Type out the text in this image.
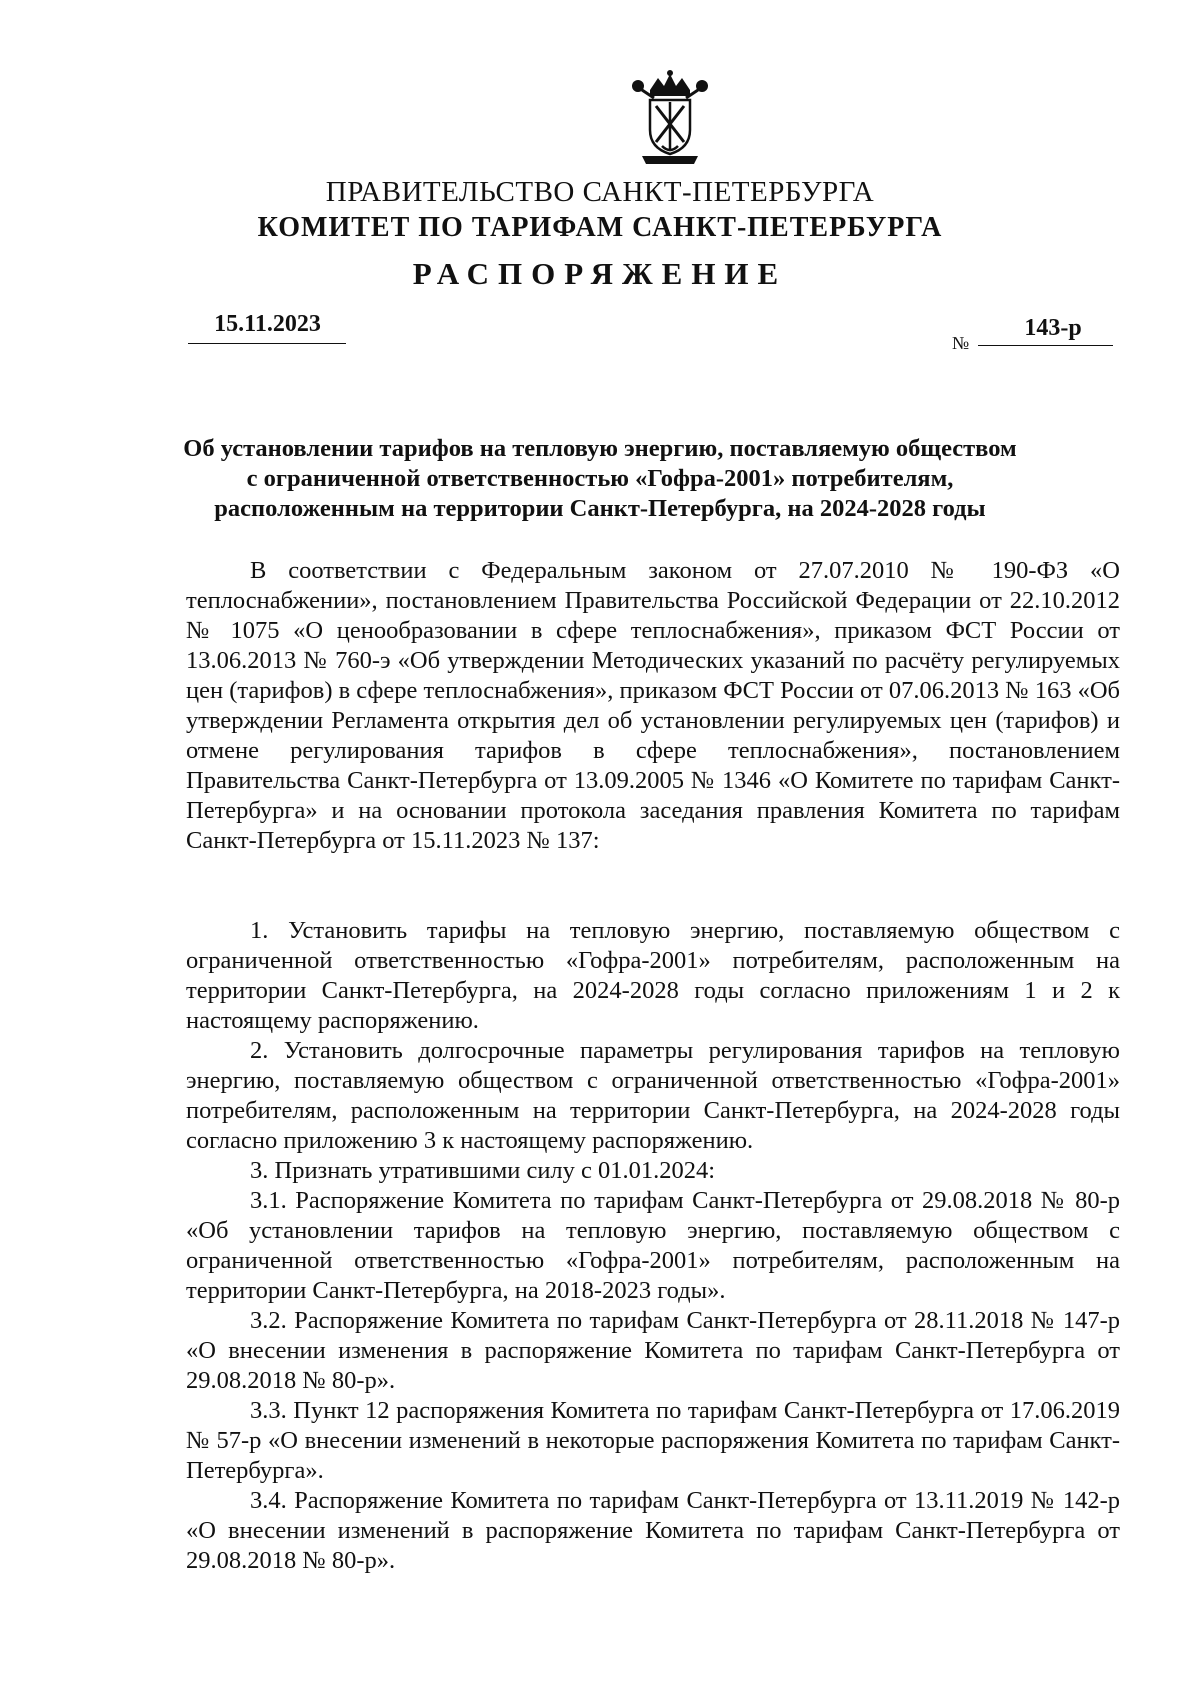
ПРАВИТЕЛЬСТВО САНКТ-ПЕТЕРБУРГА
КОМИТЕТ ПО ТАРИФАМ САНКТ-ПЕТЕРБУРГА
РАСПОРЯЖЕНИЕ
15.11.2023
№
143-р
Об установлении тарифов на тепловую энергию, поставляемую обществом
с ограниченной ответственностью «Гофра-2001» потребителям,
расположенным на территории Санкт-Петербурга, на 2024-2028 годы

В соответствии с Федеральным законом от 27.07.2010 № 190-ФЗ «О теплоснабжении», постановлением Правительства Российской Федерации от 22.10.2012 № 1075 «О ценообразовании в сфере теплоснабжения», приказом ФСТ России от 13.06.2013 № 760-э «Об утверждении Методических указаний по расчёту регулируемых цен (тарифов) в сфере теплоснабжения», приказом ФСТ России от 07.06.2013 № 163 «Об утверждении Регламента открытия дел об установлении регулируемых цен (тарифов) и отмене регулирования тарифов в сфере теплоснабжения», постановлением Правительства Санкт-Петербурга от 13.09.2005 № 1346 «О Комитете по тарифам Санкт-Петербурга» и на основании протокола заседания правления Комитета по тарифам Санкт-Петербурга от 15.11.2023 № 137:

1. Установить тарифы на тепловую энергию, поставляемую обществом с ограниченной ответственностью «Гофра-2001» потребителям, расположенным на территории Санкт-Петербурга, на 2024-2028 годы согласно приложениям 1 и 2 к настоящему распоряжению.

2. Установить долгосрочные параметры регулирования тарифов на тепловую энергию, поставляемую обществом с ограниченной ответственностью «Гофра-2001» потребителям, расположенным на территории Санкт-Петербурга, на 2024-2028 годы согласно приложению 3 к настоящему распоряжению.

3. Признать утратившими силу с 01.01.2024:

3.1. Распоряжение Комитета по тарифам Санкт-Петербурга от 29.08.2018 № 80-р «Об установлении тарифов на тепловую энергию, поставляемую обществом с ограниченной ответственностью «Гофра-2001» потребителям, расположенным на территории Санкт-Петербурга, на 2018-2023 годы».

3.2. Распоряжение Комитета по тарифам Санкт-Петербурга от 28.11.2018 № 147-р «О внесении изменения в распоряжение Комитета по тарифам Санкт-Петербурга от 29.08.2018 № 80-р».

3.3. Пункт 12 распоряжения Комитета по тарифам Санкт-Петербурга от 17.06.2019 № 57-р «О внесении изменений в некоторые распоряжения Комитета по тарифам Санкт-Петербурга».

3.4. Распоряжение Комитета по тарифам Санкт-Петербурга от 13.11.2019 № 142-р «О внесении изменений в распоряжение Комитета по тарифам Санкт-Петербурга от 29.08.2018 № 80-р».
